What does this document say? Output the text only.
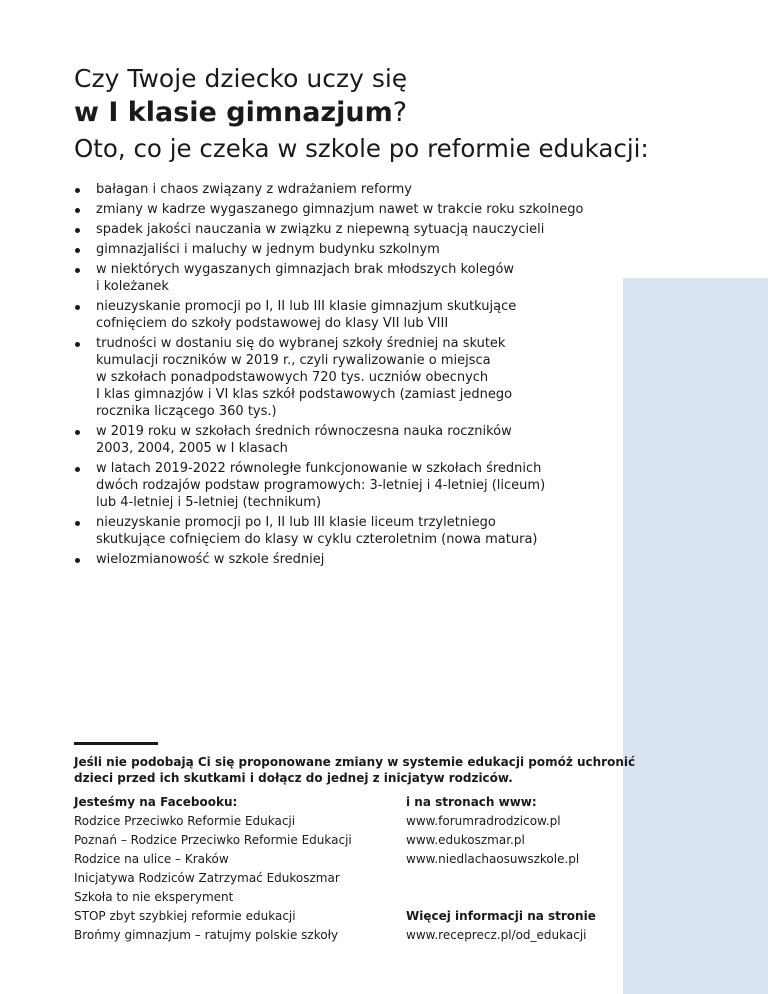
Czy Twoje dziecko uczy się
w I klasie gimnazjum?
Oto, co je czeka w szkole po reformie edukacji:
bałagan i chaos związany z wdrażaniem reformy
zmiany w kadrze wygaszanego gimnazjum nawet w trakcie roku szkolnego
spadek jakości nauczania w związku z niepewną sytuacją nauczycieli
gimnazjaliści i maluchy w jednym budynku szkolnym
w niektórych wygaszanych gimnazjach brak młodszych kolegów
i koleżanek
nieuzyskanie promocji po I, II lub III klasie gimnazjum skutkujące
cofnięciem do szkoły podstawowej do klasy VII lub VIII
trudności w dostaniu się do wybranej szkoły średniej na skutek
kumulacji roczników w 2019 r., czyli rywalizowanie o miejsca
w szkołach ponadpodstawowych 720 tys. uczniów obecnych
I klas gimnazjów i VI klas szkół podstawowych (zamiast jednego
rocznika liczącego 360 tys.)
w 2019 roku w szkołach średnich równoczesna nauka roczników
2003, 2004, 2005 w I klasach
w latach 2019-2022 równoległe funkcjonowanie w szkołach średnich
dwóch rodzajów podstaw programowych: 3-letniej i 4-letniej (liceum)
lub 4-letniej i 5-letniej (technikum)
nieuzyskanie promocji po I, II lub III klasie liceum trzyletniego
skutkujące cofnięciem do klasy w cyklu czteroletnim (nowa matura)
wielozmianowość w szkole średniej
Jeśli nie podobają Ci się proponowane zmiany w systemie edukacji pomóż uchronić
dzieci przed ich skutkami i dołącz do jednej z inicjatyw rodziców.
Jesteśmy na Facebooku:
Rodzice Przeciwko Reformie Edukacji
Poznań – Rodzice Przeciwko Reformie Edukacji
Rodzice na ulice – Kraków
Inicjatywa Rodziców Zatrzymać Edukoszmar
Szkoła to nie eksperyment
STOP zbyt szybkiej reformie edukacji
Brońmy gimnazjum – ratujmy polskie szkoły
i na stronach www:
www.forumradrodzicow.pl
www.edukoszmar.pl
www.niedlachaosuwszkole.pl
Więcej informacji na stronie
www.receprecz.pl/od_edukacji
